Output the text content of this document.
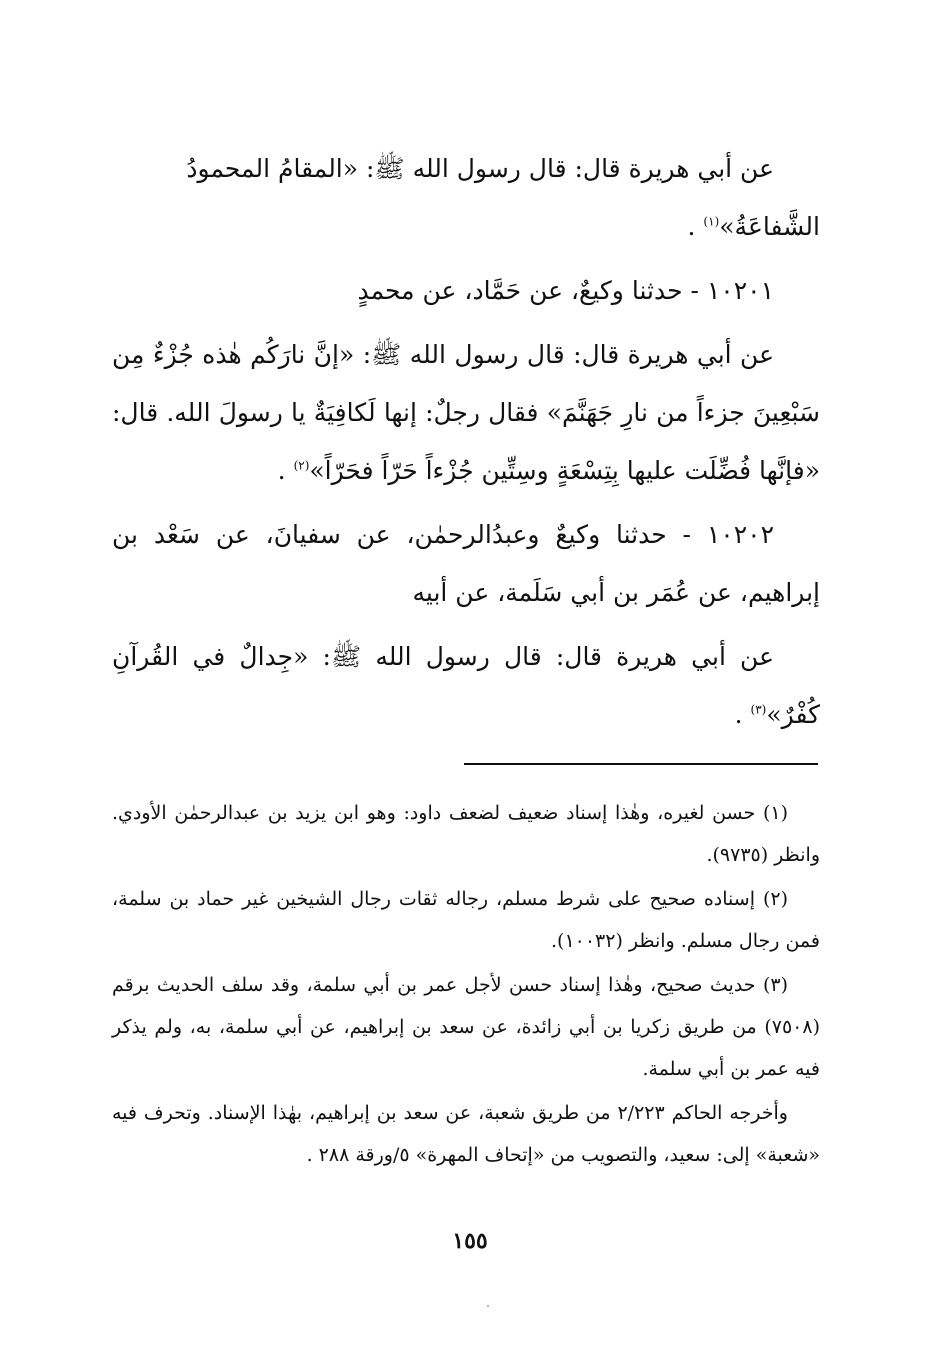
عن أبي هريرة قال: قال رسول الله ﷺ: «المقامُ المحمودُ
الشَّفاعَةُ»$^{(١)}$ .

١٠٢٠١ - حدثنا وكيعٌ، عن حَمَّاد، عن محمدٍ

عن أبي هريرة قال: قال رسول الله ﷺ: «إنَّ نارَكُم هٰذه جُزْءٌ مِن سَبْعِينَ جزءاً من نارِ جَهَنَّمَ» فقال رجلٌ: إنها لَكافِيَةٌ يا رسولَ الله. قال: «فإنَّها فُضِّلَت عليها بِتِسْعَةٍ وسِتِّين جُزْءاً حَرّاً فحَرّاً»$^{(٢)}$ .

١٠٢٠٢ - حدثنا وكيعٌ وعبدُالرحمٰن، عن سفيانَ، عن سَعْد بن إبراهيم، عن عُمَر بن أبي سَلَمة، عن أبيه

عن أبي هريرة قال: قال رسول الله ﷺ: «جِدالٌ في القُرآنِ كُفْرٌ»$^{(٣)}$ .

(١) حسن لغيره، وهٰذا إسناد ضعيف لضعف داود: وهو ابن يزيد بن عبدالرحمٰن الأودي. وانظر (٩٧٣٥).

(٢) إسناده صحيح على شرط مسلم، رجاله ثقات رجال الشيخين غير حماد بن سلمة، فمن رجال مسلم. وانظر (١٠٠٣٢).

(٣) حديث صحيح، وهٰذا إسناد حسن لأجل عمر بن أبي سلمة، وقد سلف الحديث برقم (٧٥٠٨) من طريق زكريا بن أبي زائدة، عن سعد بن إبراهيم، عن أبي سلمة، به، ولم يذكر فيه عمر بن أبي سلمة.

وأخرجه الحاكم ٢/٢٢٣ من طريق شعبة، عن سعد بن إبراهيم، بهٰذا الإسناد. وتحرف فيه «شعبة» إلى: سعيد، والتصويب من «إتحاف المهرة» ٥/ورقة ٢٨٨ .

١٥٥
